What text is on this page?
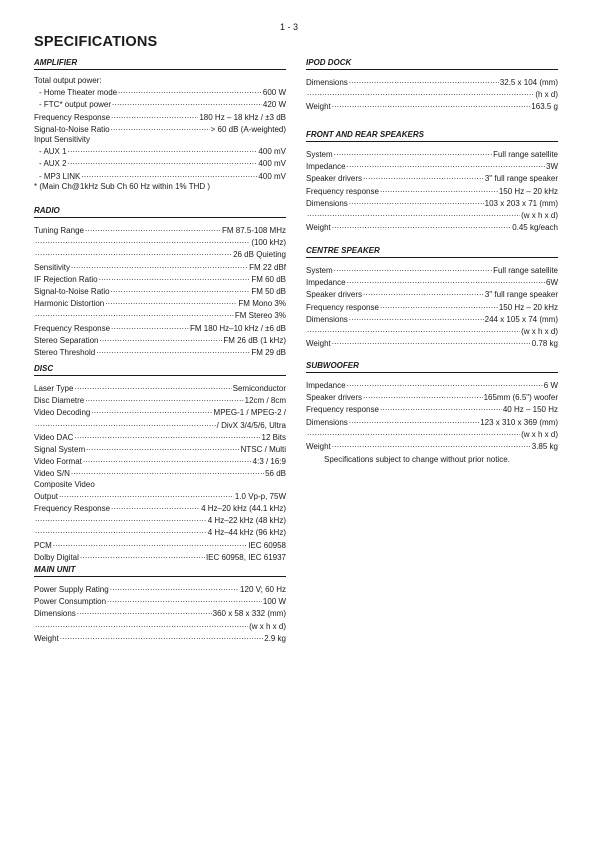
1 - 3
SPECIFICATIONS
AMPLIFIER
Total output power:
- Home Theater mode .....	600 W
- FTC* output power .....	420 W
Frequency Response .....	180 Hz – 18 kHz / ±3 dB
Signal-to-Noise Ratio .....	> 60 dB (A-weighted)
Input Sensitivity
- AUX 1 .....	400 mV
- AUX 2 .....	400 mV
- MP3 LINK .....	400 mV
* (Main Ch@1kHz Sub Ch 60 Hz within 1% THD )
RADIO
Tuning Range .....	FM 87.5-108 MHz
.....
(100 kHz)
.....
26 dB Quieting
Sensitivity .....	FM 22 dBf
IF Rejection Ratio .....	FM 60 dB
Signal-to-Noise Ratio .....	FM 50 dB
Harmonic Distortion .....	FM Mono 3%
.....
FM Stereo 3%
Frequency Response .....	FM 180 Hz–10 kHz / ±6 dB
Stereo Separation .....	FM 26 dB (1 kHz)
Stereo Threshold .....	FM 29 dB
DISC
Laser Type .....	Semiconductor
Disc Diametre .....	12cm / 8cm
Video Decoding .....	MPEG-1 / MPEG-2 /
.....
/ DivX 3/4/5/6, Ultra
Video DAC .....	12 Bits
Signal System .....	NTSC / Multi
Video Format .....	4:3 / 16:9
Video S/N .....	56 dB
Composite Video
Output .....	1.0 Vp-p, 75W
Frequency Response .....	4 Hz–20 kHz (44.1 kHz)
.....
4 Hz–22 kHz (48 kHz)
.....
4 Hz–44 kHz (96 kHz)
PCM .....	IEC 60958
Dolby Digital .....	IEC 60958, IEC 61937
MAIN UNIT
Power Supply Rating .....	120 V; 60 Hz
Power Consumption .....	100 W
Dimensions .....	360 x 58 x 332 (mm)
.....
(w x h x d)
Weight .....	2.9 kg
IPOD DOCK
Dimensions .....	32.5 x 104 (mm)
.....
(h x d)
Weight .....	163.5 g
FRONT AND REAR SPEAKERS
System .....	Full range satellite
Impedance .....	3W
Speaker drivers .....	3" full range speaker
Frequency response .....	150 Hz – 20 kHz
Dimensions .....	103 x 203 x 71 (mm)
.....
(w x h x d)
Weight .....	0.45 kg/each
CENTRE SPEAKER
System .....	Full range satellite
Impedance .....	6W
Speaker drivers .....	3" full range speaker
Frequency response .....	150 Hz – 20 kHz
Dimensions .....	244 x 105 x 74 (mm)
.....
(w x h x d)
Weight .....	0.78 kg
SUBWOOFER
Impedance .....	6 W
Speaker drivers .....	165mm (6.5") woofer
Frequency response .....	40 Hz – 150 Hz
Dimensions .....	123 x 310 x 369 (mm)
.....
(w x h x d)
Weight .....	3.85 kg
Specifications subject to change without prior notice.
